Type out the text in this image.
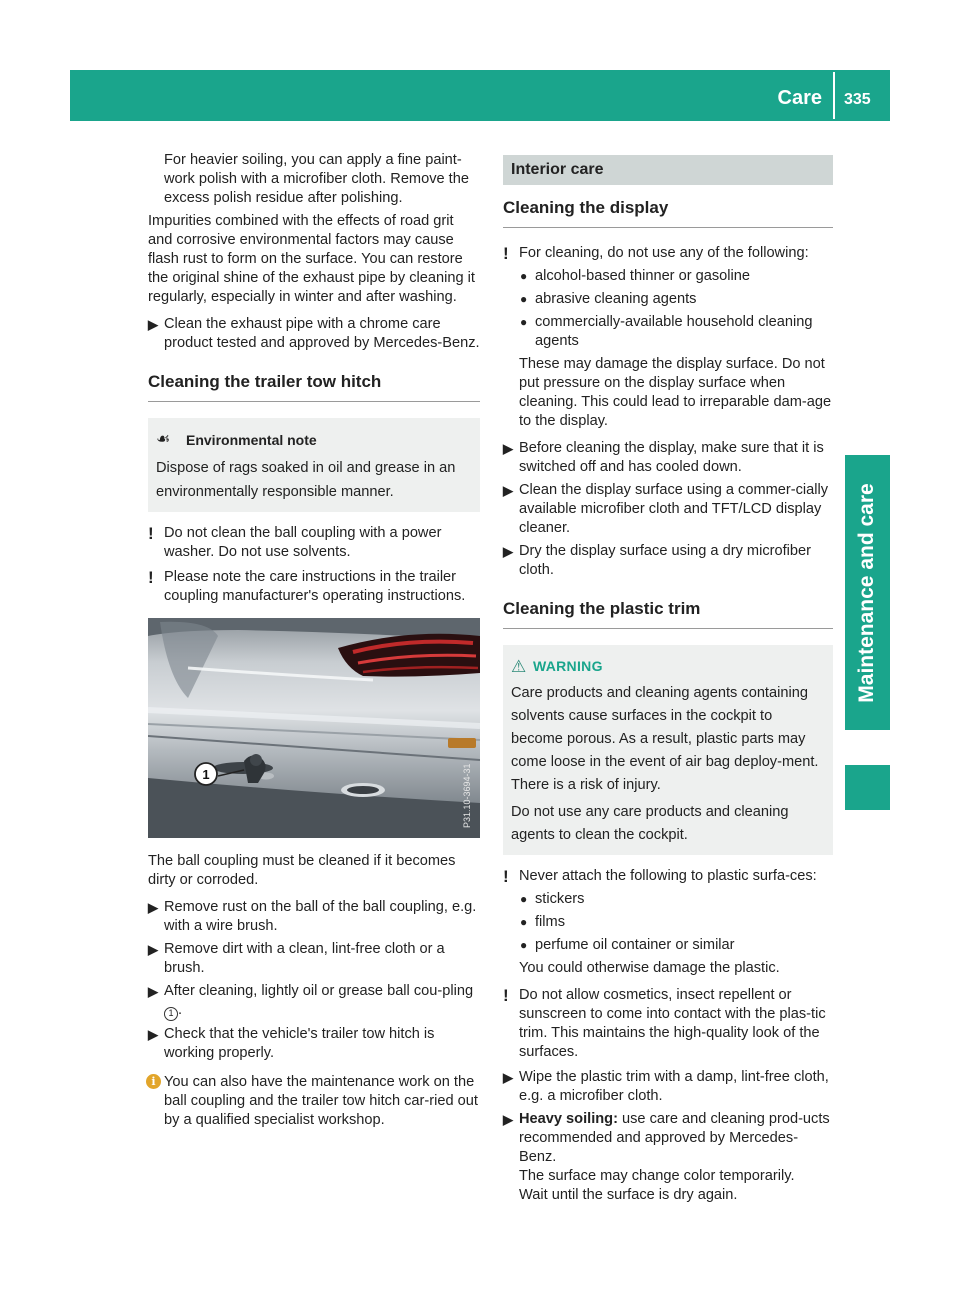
Care 335
Maintenance and care

For heavier soiling, you can apply a fine paint-work polish with a microfiber cloth. Remove the excess polish residue after polishing.

Impurities combined with the effects of road grit and corrosive environmental factors may cause flash rust to form on the surface. You can restore the original shine of the exhaust pipe by cleaning it regularly, especially in winter and after washing.

▶ Clean the exhaust pipe with a chrome care product tested and approved by Mercedes-Benz.
Cleaning the trailer tow hitch
☙	Environmental note
Dispose of rags soaked in oil and grease in an environmentally responsible manner.
! Do not clean the ball coupling with a power washer. Do not use solvents.
! Please note the care instructions in the trailer coupling manufacturer's operating instructions.
1	P31.10-3694-31

The ball coupling must be cleaned if it becomes dirty or corroded.

▶ Remove rust on the ball of the ball coupling, e.g. with a wire brush.
▶ Remove dirt with a clean, lint-free cloth or a brush.
▶ After cleaning, lightly oil or grease ball cou-pling 1 .
▶ Check that the vehicle's trailer tow hitch is working properly.
i You can also have the maintenance work on the ball coupling and the trailer tow hitch car-ried out by a qualified specialist workshop.
Interior care
Cleaning the display
! For cleaning, do not use any of the following:
● alcohol-based thinner or gasoline
● abrasive cleaning agents
● commercially-available household cleaning agents

These may damage the display surface. Do not put pressure on the display surface when cleaning. This could lead to irreparable dam-age to the display.

▶ Before cleaning the display, make sure that it is switched off and has cooled down.
▶ Clean the display surface using a commer-cially available microfiber cloth and TFT/LCD display cleaner.
▶ Dry the display surface using a dry microfiber cloth.
Cleaning the plastic trim
⚠ WARNING
Care products and cleaning agents containing solvents cause surfaces in the cockpit to become porous. As a result, plastic parts may come loose in the event of air bag deploy-ment. There is a risk of injury.
Do not use any care products and cleaning agents to clean the cockpit.
! Never attach the following to plastic surfa-ces:
● stickers
● films
● perfume oil container or similar

You could otherwise damage the plastic.

! Do not allow cosmetics, insect repellent or sunscreen to come into contact with the plas-tic trim. This maintains the high-quality look of the surfaces.
▶ Wipe the plastic trim with a damp, lint-free cloth, e.g. a microfiber cloth.
▶ Heavy soiling: use care and cleaning prod-ucts recommended and approved by Mercedes-Benz.
The surface may change color temporarily.
Wait until the surface is dry again.
